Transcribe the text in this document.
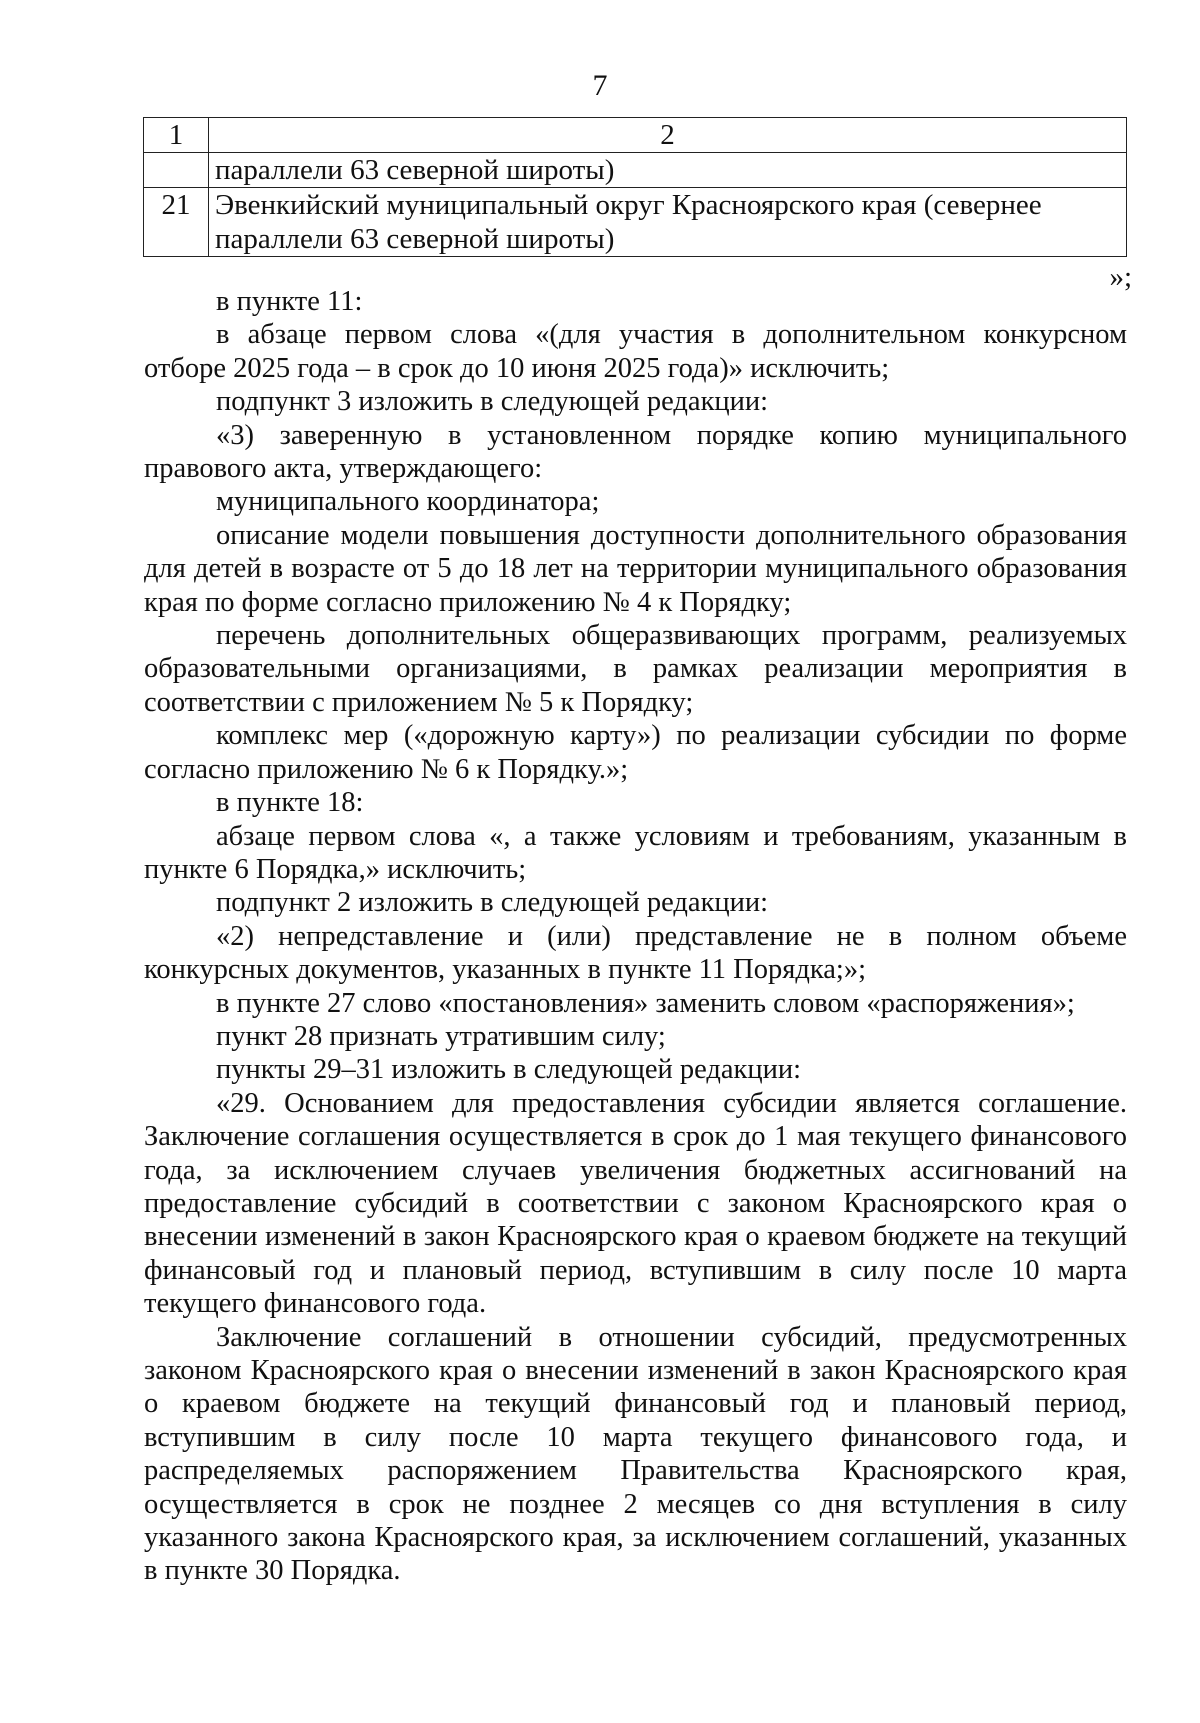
7
1	2
	параллели 63 северной широты)
21	Эвенкийский муниципальный округ Красноярского края (севернее параллели 63 северной широты)
»;

в пункте 11:

в абзаце первом слова «(для участия в дополнительном конкурсном отборе 2025 года – в срок до 10 июня 2025 года)» исключить;

подпункт 3 изложить в следующей редакции:

«3) заверенную в установленном порядке копию муниципального правового акта, утверждающего:

муниципального координатора;

описание модели повышения доступности дополнительного образования для детей в возрасте от 5 до 18 лет на территории муниципального образования края по форме согласно приложению № 4 к Порядку;

перечень дополнительных общеразвивающих программ, реализуемых образовательными организациями, в рамках реализации мероприятия в соответствии с приложением № 5 к Порядку;

комплекс мер («дорожную карту») по реализации субсидии по форме согласно приложению № 6 к Порядку.»;

в пункте 18:

абзаце первом слова «, а также условиям и требованиям, указанным в пункте 6 Порядка,» исключить;

подпункт 2 изложить в следующей редакции:

«2) непредставление и (или) представление не в полном объеме конкурсных документов, указанных в пункте 11 Порядка;»;

в пункте 27 слово «постановления» заменить словом «распоряжения»;

пункт 28 признать утратившим силу;

пункты 29–31 изложить в следующей редакции:

«29. Основанием для предоставления субсидии является соглашение. Заключение соглашения осуществляется в срок до 1 мая текущего финансового года, за исключением случаев увеличения бюджетных ассигнований на предоставление субсидий в соответствии с законом Красноярского края о внесении изменений в закон Красноярского края о краевом бюджете на текущий финансовый год и плановый период, вступившим в силу после 10 марта текущего финансового года.

Заключение соглашений в отношении субсидий, предусмотренных законом Красноярского края о внесении изменений в закон Красноярского края о краевом бюджете на текущий финансовый год и плановый период, вступившим в силу после 10 марта текущего финансового года, и распределяемых распоряжением Правительства Красноярского края, осуществляется в срок не позднее 2 месяцев со дня вступления в силу указанного закона Красноярского края, за исключением соглашений, указанных в пункте 30 Порядка.
